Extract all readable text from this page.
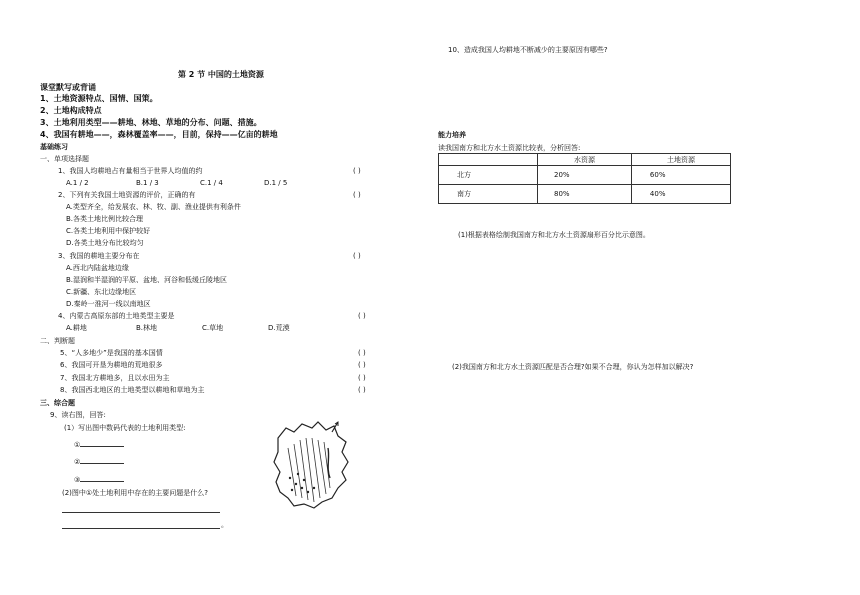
第 2 节 中国的土地资源
课堂默写或背诵
1、土地资源特点、国情、国策。
2、土地构成特点
3、土地利用类型——耕地、林地、草地的分布、问题、措施。
4、我国有耕地——，森林覆盖率——，目前，保持——亿亩的耕地
基础练习
一、单项选择题
1、我国人均耕地占有量相当于世界人均值的约	( )
A.1 / 2	B.1 / 3	C.1 / 4	D.1 / 5
2、下列有关我国土地资源的评价，正确的有	( )
A.类型齐全，给发展农、林、牧、副、渔业提供有利条件
B.各类土地比例比较合理
C.各类土地利用中保护较好
D.各类土地分布比较均匀
3、我国的耕地主要分布在	( )
A.西北内陆盆地边缘
B.湿润和半湿润的平原、盆地、河谷和低缓丘陵地区
C.新疆、东北边缘地区
D.秦岭一淮河一线以南地区
4、内蒙古高原东部的土地类型主要是	( )
A.耕地	B.林地	C.草地	D.荒漠
二、判断题
5、“人多地少”是我国的基本国情	( )
6、我国可开垦为耕地的荒地很多	( )
7、我国北方耕地多，且以水田为主	( )
8、我国西北地区的土地类型以耕地和草地为主	( )
三、综合题
9、读右图，回答:
(1）写出图中数码代表的土地利用类型:
①
②
③
(2)图中①处土地利用中存在的主要问题是什么?
。
10、造成我国人均耕地不断减少的主要原因有哪些?
能力培养
读我国南方和北方水土资源比较表，分析回答:
	水资源	土地资源
北方	20%	60%
南方	80%	40%
(1)根据表格绘制我国南方和北方水土资源扇形百分比示意图。
(2)我国南方和北方水土资源匹配是否合理?如果不合理，你认为怎样加以解决?
